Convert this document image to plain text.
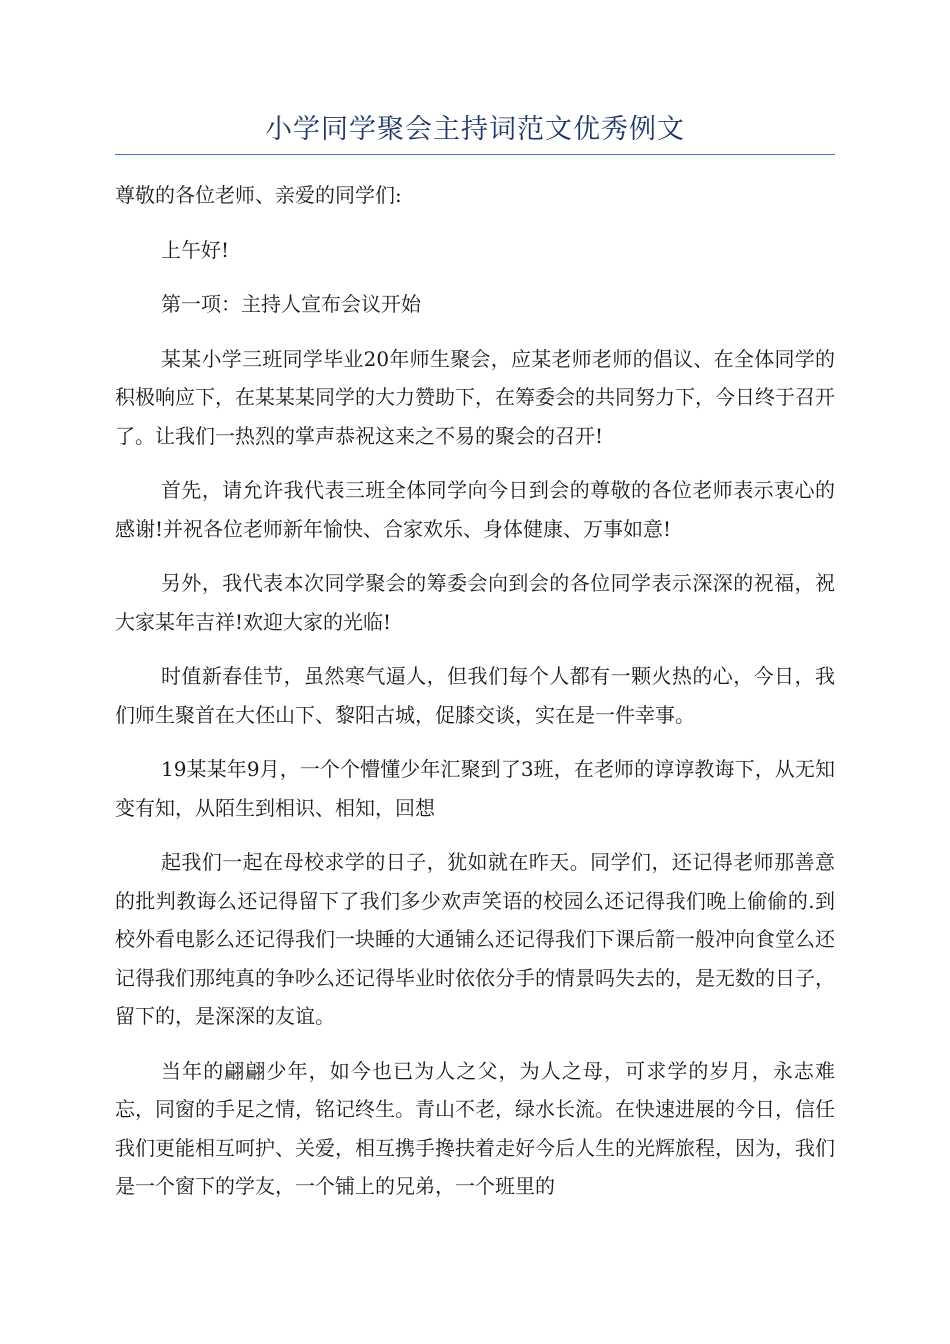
小学同学聚会主持词范文优秀例文

尊敬的各位老师、亲爱的同学们:

上午好!

第一项：主持人宣布会议开始

某某小学三班同学毕业20年师生聚会，应某老师老师的倡议、在全体同学的积极响应下，在某某某同学的大力赞助下，在筹委会的共同努力下，今日终于召开了。让我们一热烈的掌声恭祝这来之不易的聚会的召开!

首先，请允许我代表三班全体同学向今日到会的尊敬的各位老师表示衷心的感谢!并祝各位老师新年愉快、合家欢乐、身体健康、万事如意!

另外，我代表本次同学聚会的筹委会向到会的各位同学表示深深的祝福，祝大家某年吉祥!欢迎大家的光临!

时值新春佳节，虽然寒气逼人，但我们每个人都有一颗火热的心，今日，我们师生聚首在大伾山下、黎阳古城，促膝交谈，实在是一件幸事。

19某某年9月，一个个懵懂少年汇聚到了3班，在老师的谆谆教诲下，从无知变有知，从陌生到相识、相知，回想

起我们一起在母校求学的日子，犹如就在昨天。同学们，还记得老师那善意的批判教诲么还记得留下了我们多少欢声笑语的校园么还记得我们晚上偷偷的.到校外看电影么还记得我们一块睡的大通铺么还记得我们下课后箭一般冲向食堂么还记得我们那纯真的争吵么还记得毕业时依依分手的情景吗失去的，是无数的日子，留下的，是深深的友谊。

当年的翩翩少年，如今也已为人之父，为人之母，可求学的岁月，永志难忘，同窗的手足之情，铭记终生。青山不老，绿水长流。在快速进展的今日，信任我们更能相互呵护、关爱，相互携手搀扶着走好今后人生的光辉旅程，因为，我们是一个窗下的学友，一个铺上的兄弟，一个班里的
